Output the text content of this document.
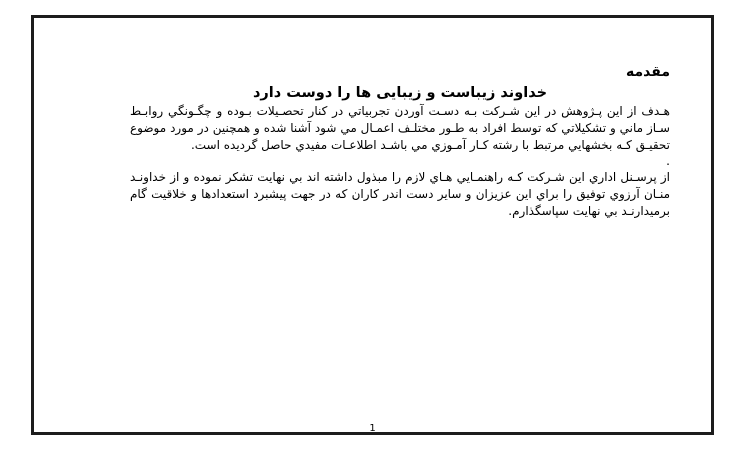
مقدمه

خداوند زیباست و زیبایی ها را دوست دارد

هـدف از این پـژوهش در این شـرکت بـه دسـت آوردن تجربیاتي در کنار تحصـیلات بـوده و چگـونگي روابـط سـاز ماني و تشکیلاتي که توسط افراد به طـور مختلـف اعمـال مي شود آشنا شده و همچنین در مورد موضوع تحقیـق کـه بخشهایي مرتبط با رشته کـار آمـوزي مي باشـد اطلاعـات مفیدي حاصل گردیده است.

.

از پرسـنل اداري این شـرکت کـه راهنمـایي هـاي لازم را مبذول داشته اند بي نهایت تشکر نموده و از خداونـد منـان آرزوي توفیق را براي این عزیزان و سایر دست اندر کاران که در جهت پیشبرد استعدادها و خلاقیت گام برمیدارنـد بي نهایت سپاسگذارم.

1
